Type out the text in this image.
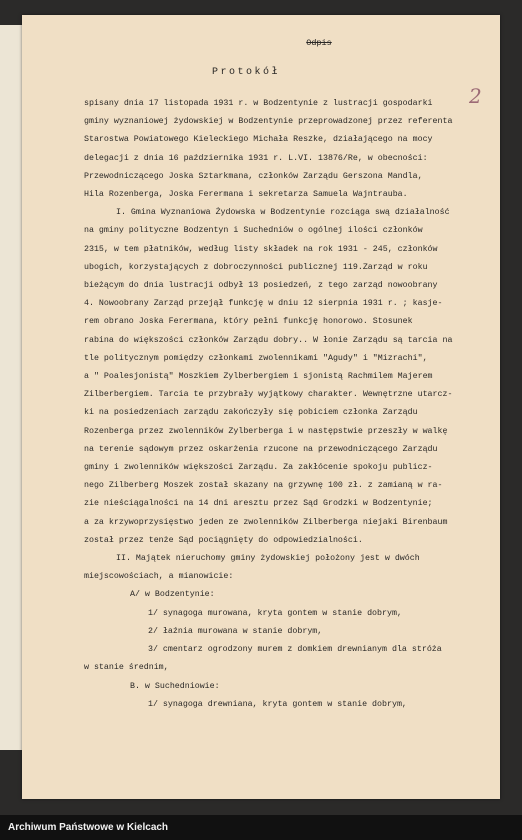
2
Odpis
Protokół
spisany dnia 17 listopada 1931 r. w Bodzentynie z lustracji gospodarki
gminy wyznaniowej żydowskiej w Bodzentynie przeprowadzonej przez referenta
Starostwa Powiatowego Kieleckiego Michała Reszke, działającego na mocy
delegacji z dnia 16 października 1931 r. L.VI. 13876/Re, w obecności:
Przewodniczącego Joska Sztarkmana, członków Zarządu Gerszona Mandla,
Hila Rozenberga, Joska Ferermana i sekretarza Samuela Wajntrauba.
I. Gmina Wyznaniowa Żydowska w Bodzentynie rozciąga swą działalność
na gminy polityczne Bodzentyn i Suchedniów o ogólnej ilości członków
2315, w tem płatników, według listy składek na rok 1931 - 245, członków
ubogich, korzystających z dobroczynności publicznej 119.Zarząd w roku
bieżącym do dnia lustracji odbył 13 posiedzeń, z tego zarząd nowoobrany
4. Nowoobrany Zarząd przejął funkcję w dniu 12 sierpnia 1931 r. ; kasje-
rem obrano Joska Ferermana, który pełni funkcję honorowo. Stosunek
rabina do większości członków Zarządu dobry.. W łonie Zarządu są tarcia na
tle politycznym pomiędzy członkami zwolennikami "Agudy" i "Mizrachi",
a " Poalesjonistą" Moszkiem Zylberbergiem i sjonistą Rachmilem Majerem
Zilberbergiem. Tarcia te przybrały wyjątkowy charakter. Wewnętrzne utarcz-
ki na posiedzeniach zarządu zakończyły się pobiciem członka Zarządu
Rozenberga przez zwolenników Zylberberga i w następstwie przeszły w walkę
na terenie sądowym przez oskarżenia rzucone na przewodniczącego Zarządu
gminy i zwolenników większości Zarządu. Za zakłócenie spokoju publicz-
nego Zilberberg Moszek został skazany na grzywnę 100 zł. z zamianą w ra-
zie nieściągalności na 14 dni aresztu przez Sąd Grodzki w Bodzentynie;
a za krzywoprzysięstwo jeden ze zwolenników Zilberberga niejaki Birenbaum
został przez tenże Sąd pociągnięty do odpowiedzialności.
II. Majątek nieruchomy gminy żydowskiej położony jest w dwóch
miejscowościach, a mianowicie:
A/ w Bodzentynie:
1/ synagoga murowana, kryta gontem w stanie dobrym,
2/ łaźnia murowana w stanie dobrym,
3/ cmentarz ogrodzony murem z domkiem drewnianym dla stróża
w stanie średnim,
B. w Suchedniowie:
1/ synagoga drewniana, kryta gontem w stanie dobrym,
Archiwum Państwowe w Kielcach
